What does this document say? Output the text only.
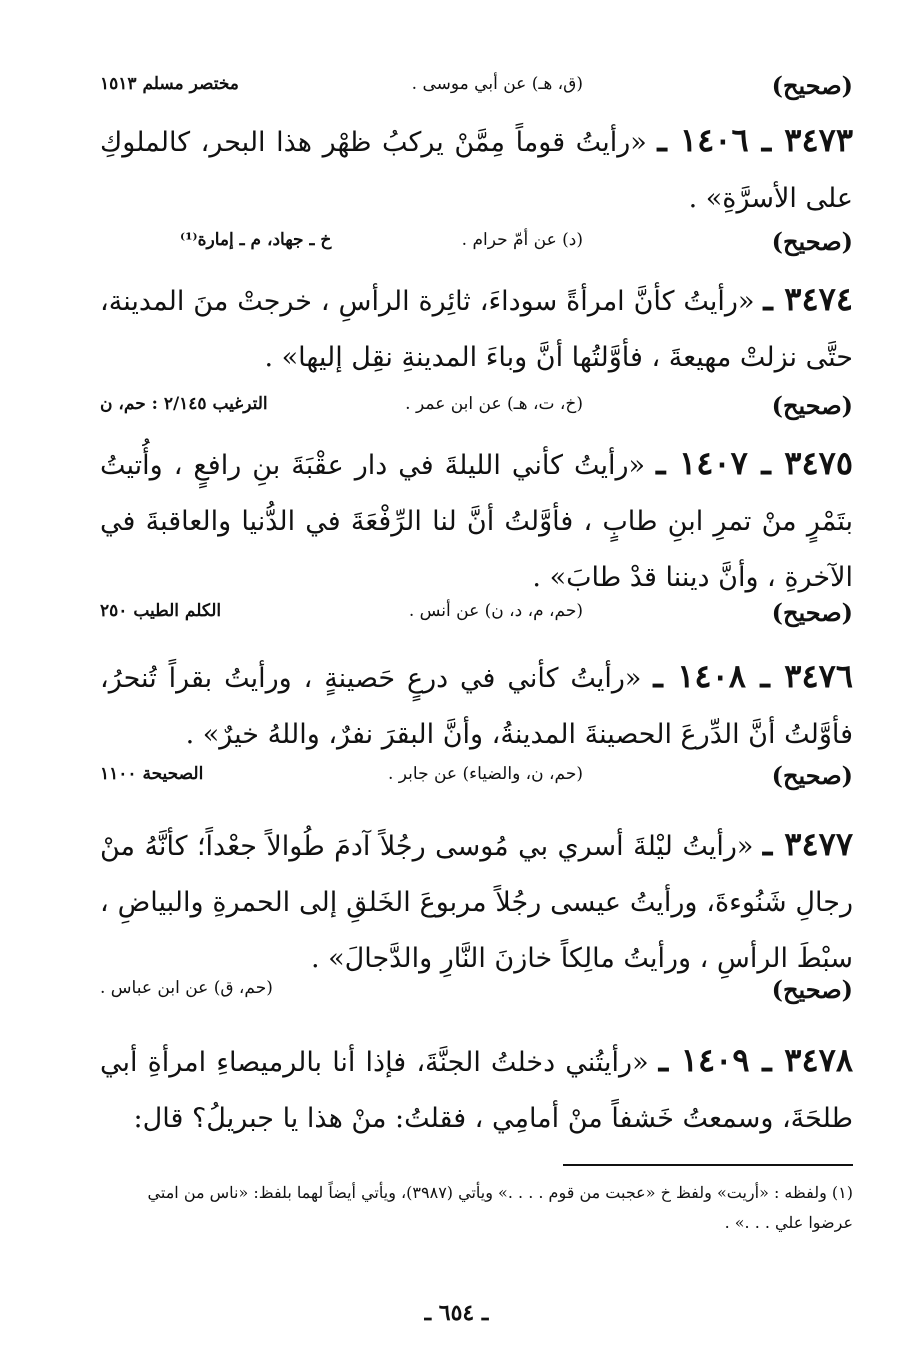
( صحيح )
(ق، هـ) عن أبي موسى .
مختصر مسلم ١٥١٣
٣٤٧٣ ـ ١٤٠٦ ـ «رأيتُ قوماً مِمَّنْ يركبُ ظهْر هذا البحر، كالملوكِ على الأسرَّةِ» .
( صحيح )
(د) عن أمّ حرام .
خ ـ جهاد، م ـ إمارة⁽¹⁾
٣٤٧٤ ـ «رأيتُ كأنَّ امرأةً سوداءَ، ثائِرة الرأسِ ، خرجتْ منَ المدينة، حتَّى نزلتْ مهيعةَ ، فأوَّلتُها أنَّ وباءَ المدينةِ نقِل إليها» .
( صحيح )
(خ، ت، هـ) عن ابن عمر .
الترغيب ٢/١٤٥ : حم، ن
٣٤٧٥ ـ ١٤٠٧ ـ «رأيتُ كأني الليلةَ في دار عقْبَةَ بنِ رافعٍ ، وأُتيتُ بتَمْرٍ منْ تمرِ ابنِ طابٍ ، فأوَّلتُ أنَّ لنا الرِّفْعَةَ في الدُّنيا والعاقبةَ في الآخرةِ ، وأنَّ ديننا قدْ طابَ» .
( صحيح )
(حم، م، د، ن) عن أنس .
الكلم الطيب ٢٥٠
٣٤٧٦ ـ ١٤٠٨ ـ «رأيتُ كأني في درعٍ حَصينةٍ ، ورأيتُ بقراً تُنحرُ، فأوَّلتُ أنَّ الدِّرعَ الحصينةَ المدينةُ، وأنَّ البقرَ نفرٌ، واللهُ خيرٌ» .
( صحيح )
(حم، ن، والضياء) عن جابر .
الصحيحة ١١٠٠
٣٤٧٧ ـ «رأيتُ ليْلةَ أسري بي مُوسى رجُلاً آدمَ طُوالاً جعْداً؛ كأنَّهُ منْ رجالِ شَنُوءةَ، ورأيتُ عيسى رجُلاً مربوعَ الخَلقِ إلى الحمرةِ والبياضِ ، سبْطَ الرأسِ ، ورأيتُ مالِكاً خازنَ النَّارِ والدَّجالَ» .
( صحيح )
(حم، ق) عن ابن عباس .
٣٤٧٨ ـ ١٤٠٩ ـ «رأيتُني دخلتُ الجنَّةَ، فإذا أنا بالرميصاءِ امرأةِ أبي طلحَةَ، وسمعتُ خَشفاً منْ أمامِي ، فقلتُ: منْ هذا يا جبريلُ؟ قال:
(١) ولفظه : «أريت» ولفظ خ «عجبت من قوم . . . .» ويأتي (٣٩٨٧)، ويأتي أيضاً لهما بلفظ: «ناس من امتي عرضوا علي . . .» .
ـ ٦٥٤ ـ
